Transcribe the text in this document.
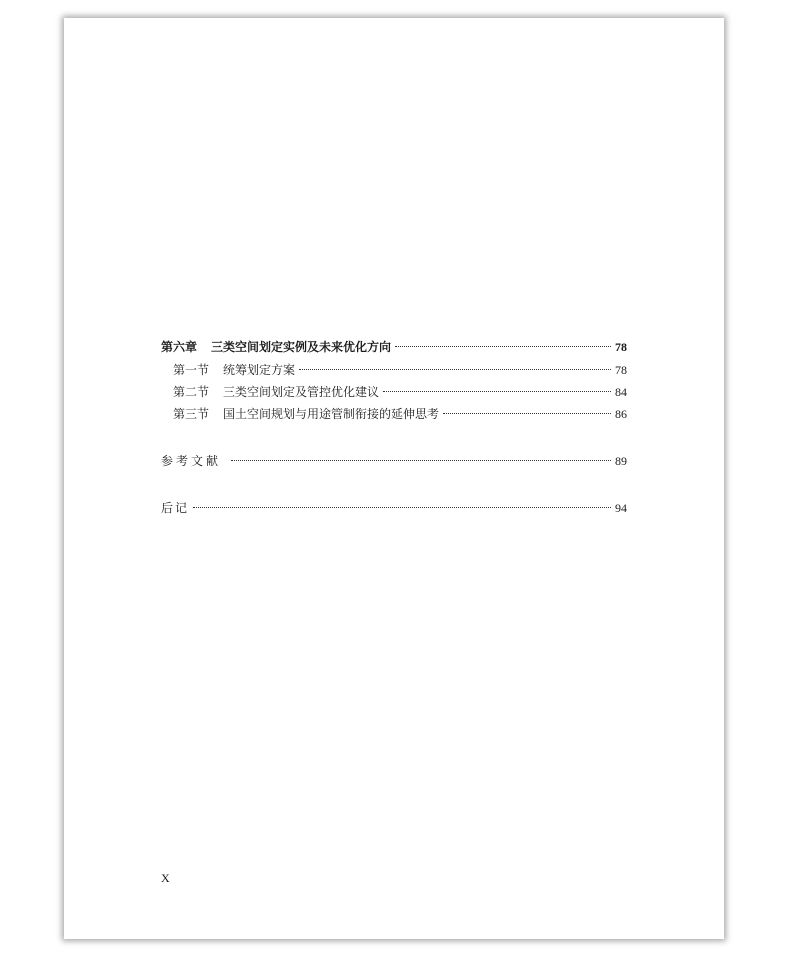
第六章 三类空间划定实例及未来优化方向	78
第一节 统筹划定方案	78
第二节 三类空间划定及管控优化建议	84
第三节 国土空间规划与用途管制衔接的延伸思考	86
参考文献	89
后记	94
X
